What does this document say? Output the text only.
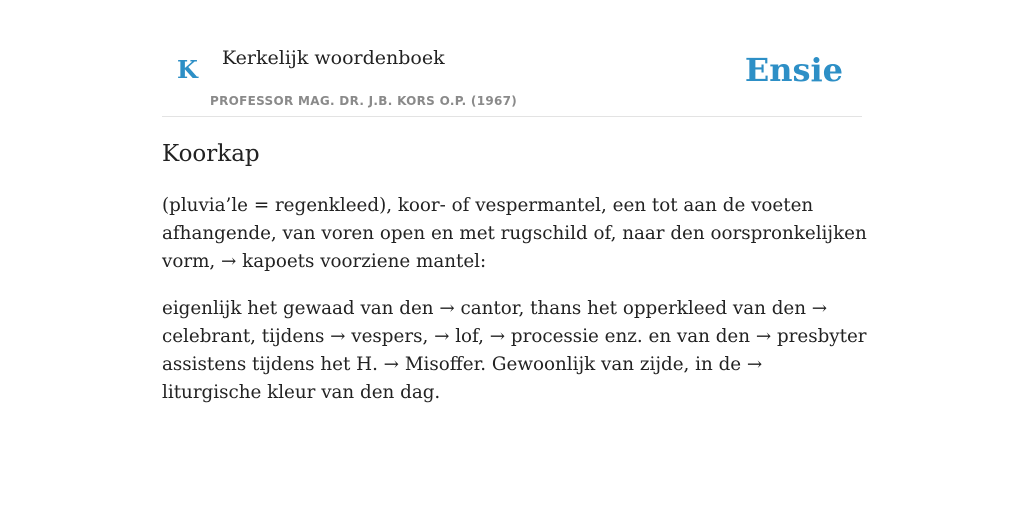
K Kerkelijk woordenboek
PROFESSOR MAG. DR. J.B. KORS O.P. (1967)
Ensie
Koorkap

(pluvia’le = regenkleed), koor- of vespermantel, een tot aan de voeten afhangende, van voren open en met rugschild of, naar den oorspronkelijken vorm, → kapoets voorziene mantel:

eigenlijk het gewaad van den → cantor, thans het opperkleed van den → celebrant, tijdens → vespers, → lof, → processie enz. en van den → presbyter assistens tijdens het H. → Misoffer. Gewoonlijk van zijde, in de → liturgische kleur van den dag.
